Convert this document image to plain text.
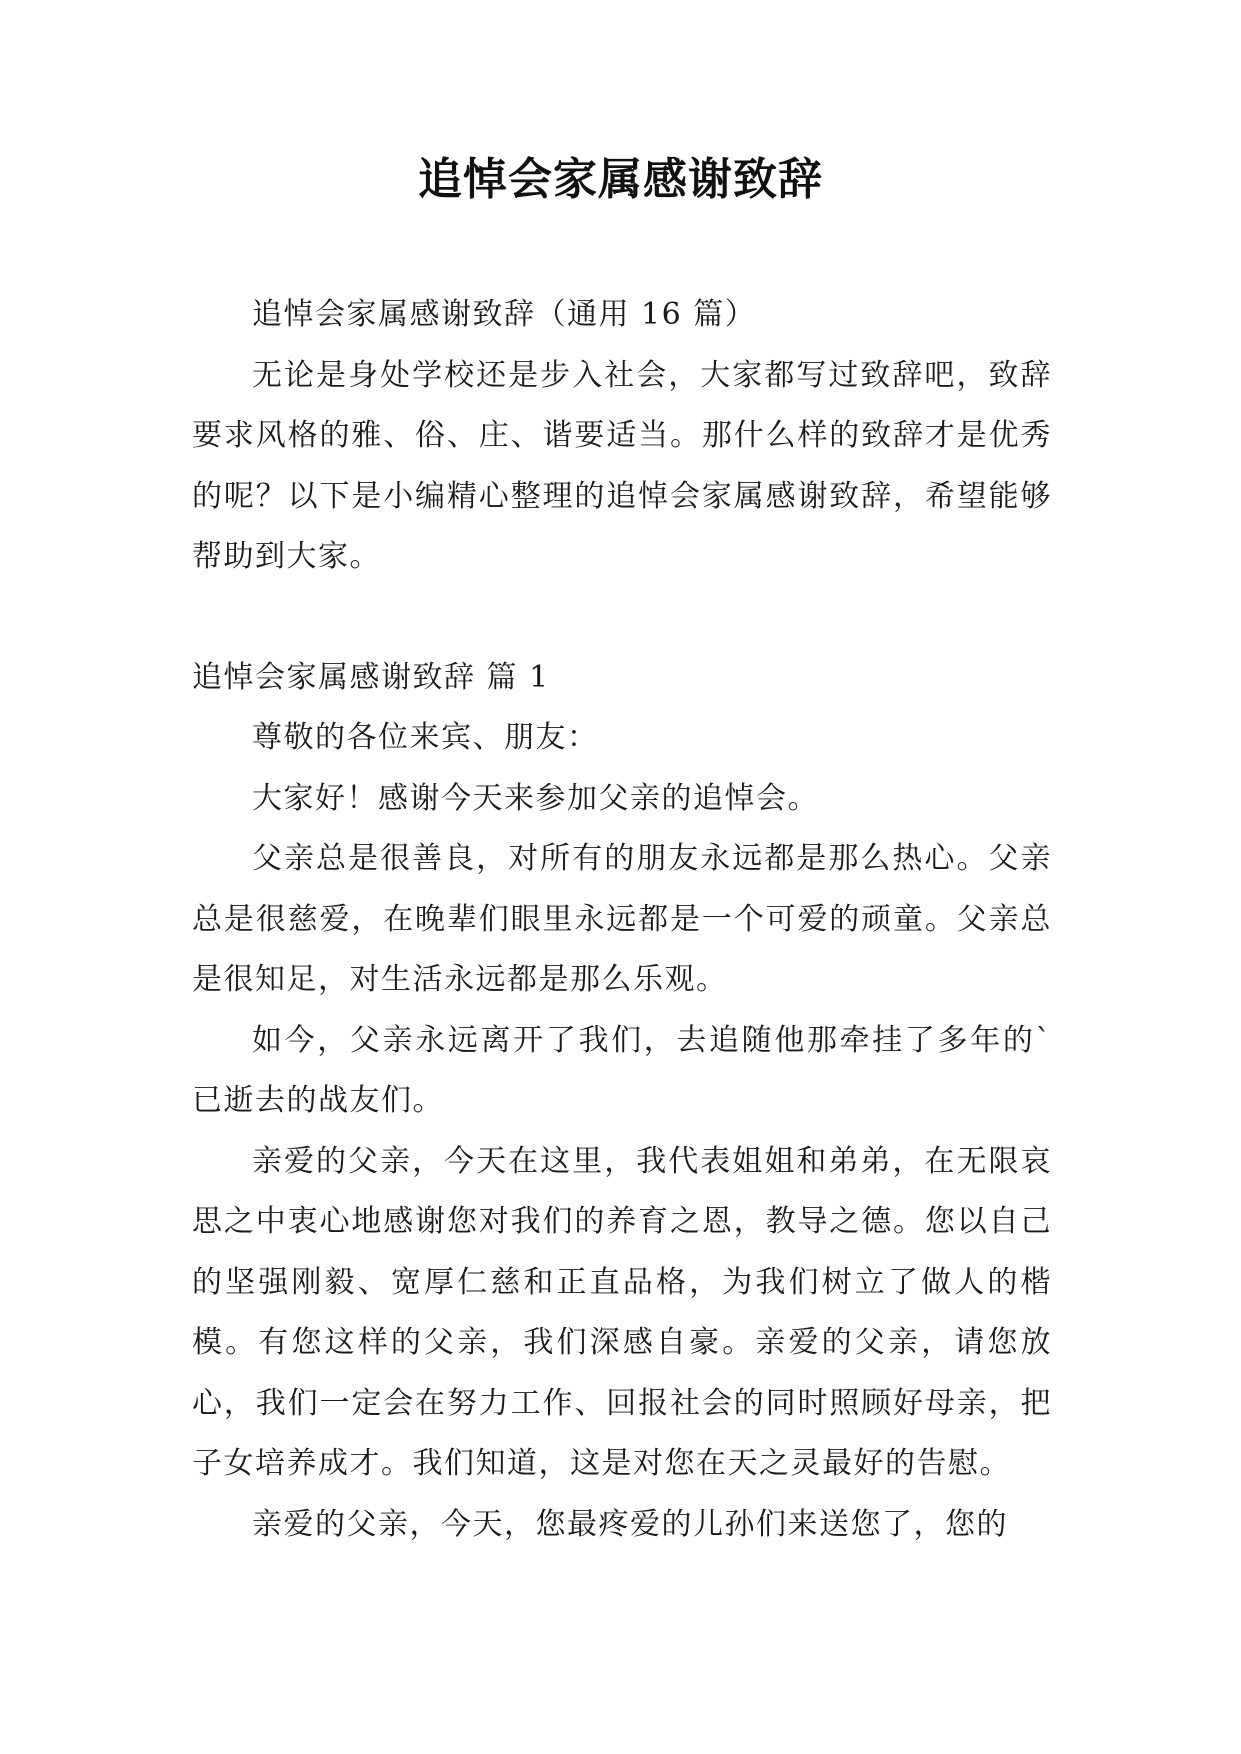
追悼会家属感谢致辞

追悼会家属感谢致辞（通用 16 篇）

无论是身处学校还是步入社会，大家都写过致辞吧，致辞要求风格的雅、俗、庄、谐要适当。那什么样的致辞才是优秀的呢？以下是小编精心整理的追悼会家属感谢致辞，希望能够帮助到大家。

追悼会家属感谢致辞 篇 1

尊敬的各位来宾、朋友：

大家好！感谢今天来参加父亲的追悼会。

父亲总是很善良，对所有的朋友永远都是那么热心。父亲总是很慈爱，在晚辈们眼里永远都是一个可爱的顽童。父亲总是很知足，对生活永远都是那么乐观。

如今，父亲永远离开了我们，去追随他那牵挂了多年的`已逝去的战友们。

亲爱的父亲，今天在这里，我代表姐姐和弟弟，在无限哀思之中衷心地感谢您对我们的养育之恩，教导之德。您以自己的坚强刚毅、宽厚仁慈和正直品格，为我们树立了做人的楷模。有您这样的父亲，我们深感自豪。亲爱的父亲，请您放心，我们一定会在努力工作、回报社会的同时照顾好母亲，把子女培养成才。我们知道，这是对您在天之灵最好的告慰。

亲爱的父亲，今天，您最疼爱的儿孙们来送您了，您的
